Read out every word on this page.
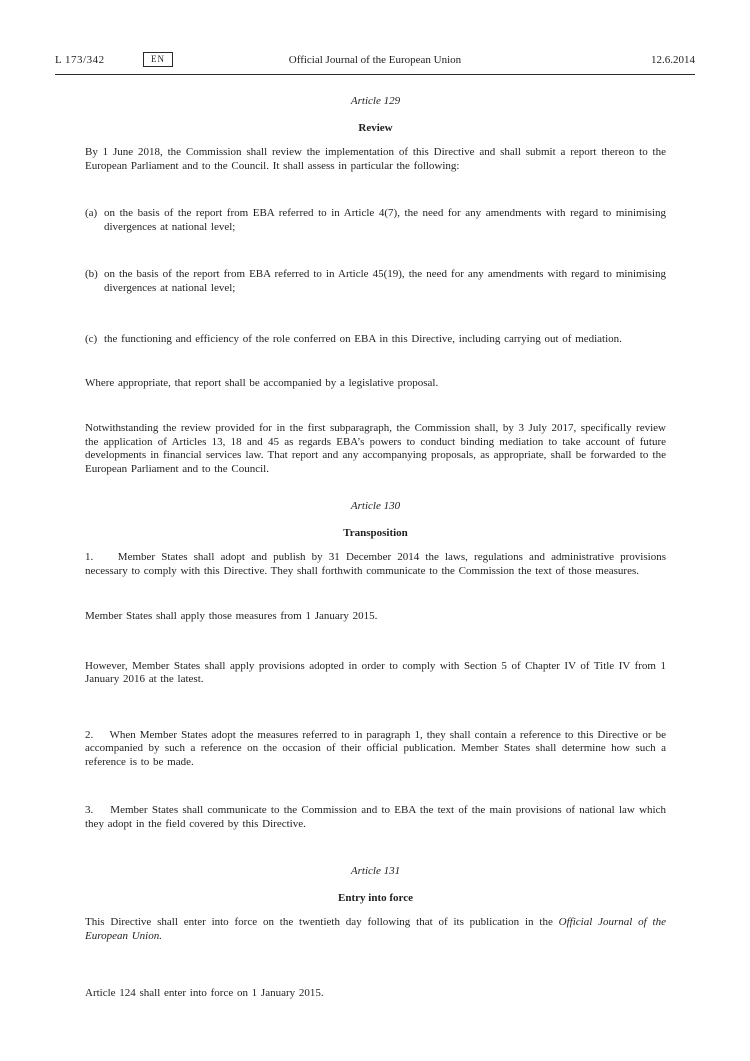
L 173/342	EN	Official Journal of the European Union	12.6.2014
Article 129
Review

By 1 June 2018, the Commission shall review the implementation of this Directive and shall submit a report thereon to the European Parliament and to the Council. It shall assess in particular the following:

(a) on the basis of the report from EBA referred to in Article 4(7), the need for any amendments with regard to minimising divergences at national level;
(b) on the basis of the report from EBA referred to in Article 45(19), the need for any amendments with regard to minimising divergences at national level;
(c) the functioning and efficiency of the role conferred on EBA in this Directive, including carrying out of mediation.

Where appropriate, that report shall be accompanied by a legislative proposal.

Notwithstanding the review provided for in the first subparagraph, the Commission shall, by 3 July 2017, specifically review the application of Articles 13, 18 and 45 as regards EBA’s powers to conduct binding mediation to take account of future developments in financial services law. That report and any accompanying proposals, as appropriate, shall be forwarded to the European Parliament and to the Council.

Article 130
Transposition

1.    Member States shall adopt and publish by 31 December 2014 the laws, regulations and administrative provisions necessary to comply with this Directive. They shall forthwith communicate to the Commission the text of those measures.

Member States shall apply those measures from 1 January 2015.

However, Member States shall apply provisions adopted in order to comply with Section 5 of Chapter IV of Title IV from 1 January 2016 at the latest.

2.    When Member States adopt the measures referred to in paragraph 1, they shall contain a reference to this Directive or be accompanied by such a reference on the occasion of their official publication. Member States shall determine how such a reference is to be made.

3.    Member States shall communicate to the Commission and to EBA the text of the main provisions of national law which they adopt in the field covered by this Directive.

Article 131
Entry into force

This Directive shall enter into force on the twentieth day following that of its publication in the Official Journal of the European Union.

Article 124 shall enter into force on 1 January 2015.
